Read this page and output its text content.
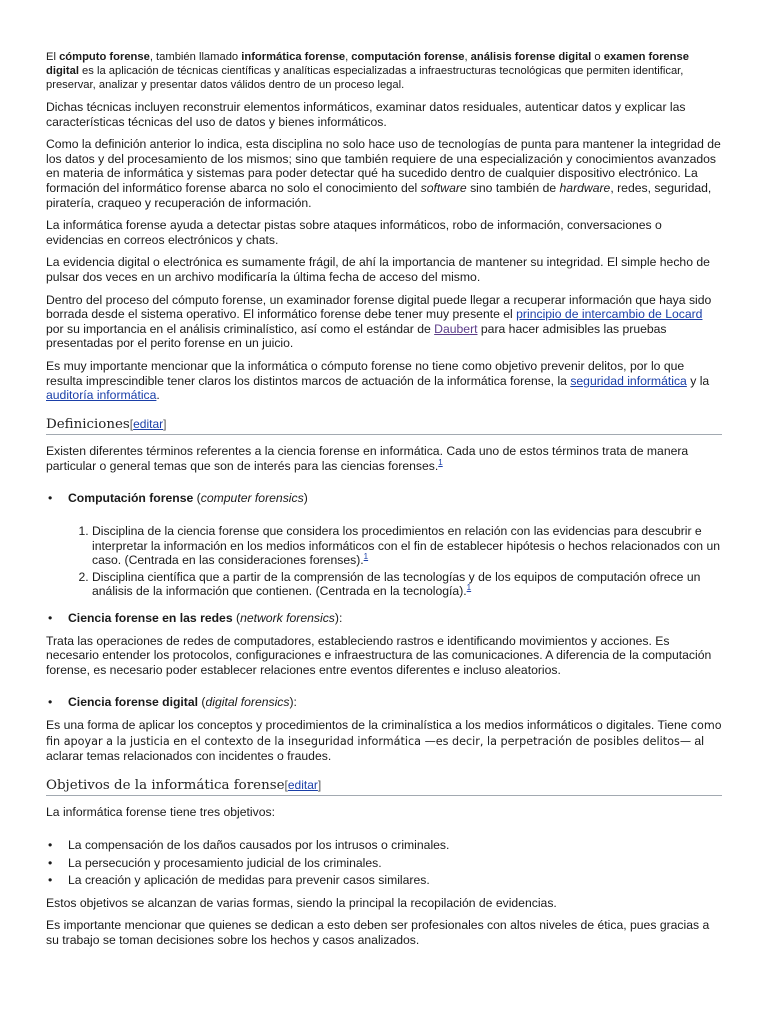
El cómputo forense, también llamado informática forense, computación forense, análisis forense digital o examen forense digital es la aplicación de técnicas científicas y analíticas especializadas a infraestructuras tecnológicas que permiten identificar, preservar, analizar y presentar datos válidos dentro de un proceso legal.

Dichas técnicas incluyen reconstruir elementos informáticos, examinar datos residuales, autenticar datos y explicar las características técnicas del uso de datos y bienes informáticos.

Como la definición anterior lo indica, esta disciplina no solo hace uso de tecnologías de punta para mantener la integridad de los datos y del procesamiento de los mismos; sino que también requiere de una especialización y conocimientos avanzados en materia de informática y sistemas para poder detectar qué ha sucedido dentro de cualquier dispositivo electrónico. La formación del informático forense abarca no solo el conocimiento del software sino también de hardware, redes, seguridad, piratería, craqueo y recuperación de información.

La informática forense ayuda a detectar pistas sobre ataques informáticos, robo de información, conversaciones o evidencias en correos electrónicos y chats.

La evidencia digital o electrónica es sumamente frágil, de ahí la importancia de mantener su integridad. El simple hecho de pulsar dos veces en un archivo modificaría la última fecha de acceso del mismo.

Dentro del proceso del cómputo forense, un examinador forense digital puede llegar a recuperar información que haya sido borrada desde el sistema operativo. El informático forense debe tener muy presente el principio de intercambio de Locard por su importancia en el análisis criminalístico, así como el estándar de Daubert para hacer admisibles las pruebas presentadas por el perito forense en un juicio.

Es muy importante mencionar que la informática o cómputo forense no tiene como objetivo prevenir delitos, por lo que resulta imprescindible tener claros los distintos marcos de actuación de la informática forense, la seguridad informática y la auditoría informática.

Definiciones[editar]

Existen diferentes términos referentes a la ciencia forense en informática. Cada uno de estos términos trata de manera particular o general temas que son de interés para las ciencias forenses.$^1$

• Computación forense (computer forensics)
1. Disciplina de la ciencia forense que considera los procedimientos en relación con las evidencias para descubrir e interpretar la información en los medios informáticos con el fin de establecer hipótesis o hechos relacionados con un caso. (Centrada en las consideraciones forenses).$^1$
2. Disciplina científica que a partir de la comprensión de las tecnologías y de los equipos de computación ofrece un análisis de la información que contienen. (Centrada en la tecnología).$^1$
• Ciencia forense en las redes (network forensics):

Trata las operaciones de redes de computadores, estableciendo rastros e identificando movimientos y acciones. Es necesario entender los protocolos, configuraciones e infraestructura de las comunicaciones. A diferencia de la computación forense, es necesario poder establecer relaciones entre eventos diferentes e incluso aleatorios.

• Ciencia forense digital (digital forensics):

Es una forma de aplicar los conceptos y procedimientos de la criminalística a los medios informáticos o digitales. Tiene como fin apoyar a la justicia en el contexto de la inseguridad informática —es decir, la perpetración de posibles delitos— al aclarar temas relacionados con incidentes o fraudes.

Objetivos de la informática forense[editar]

La informática forense tiene tres objetivos:

• La compensación de los daños causados por los intrusos o criminales.
• La persecución y procesamiento judicial de los criminales.
• La creación y aplicación de medidas para prevenir casos similares.

Estos objetivos se alcanzan de varias formas, siendo la principal la recopilación de evidencias.

Es importante mencionar que quienes se dedican a esto deben ser profesionales con altos niveles de ética, pues gracias a su trabajo se toman decisiones sobre los hechos y casos analizados.
